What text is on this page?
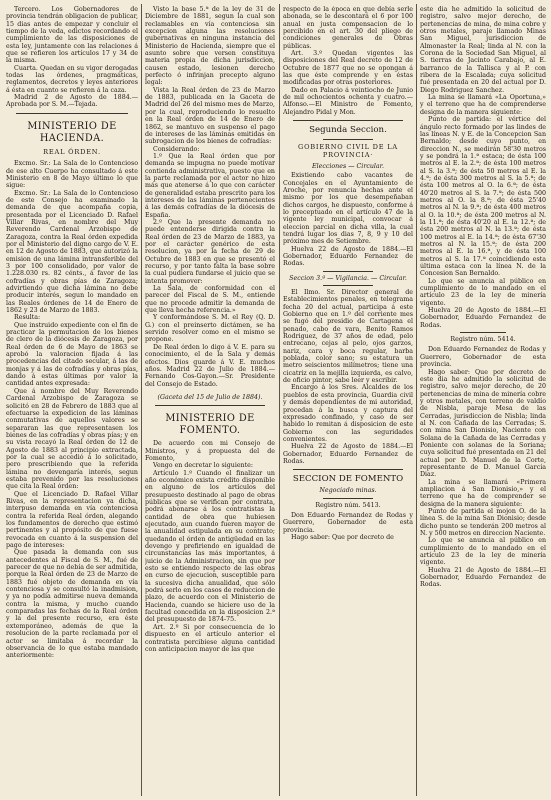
Tercero. Los Gobernadores de provincia tendrán obligacion de publicar, 15 dias antes de empezar y concluir el tiempo de la veda, edictos recordando el cumplimiento de las disposiciones de esta ley, juntamente con las relaciones á que se refieren los artículos 17 y 34 de la misma.

Cuarta. Quedan en su vigor derogadas todas las órdenes, pragmáticas, reglamentos, decretos y leyes anteriores á ésta en cuanto se refieren á la caza.

Madrid 2 de Agosto de 1884.—Aprobada por S. M.—Tejada.

MINISTERIO DE HACIENDA.

REAL ÓRDEN.

Excmo. Sr.: La Sala de lo Contencioso de ese alto Cuerpo ha consultado á este Ministerio en 8 de Mayo último lo que sigue:

Excmo. Sr.: La Sala de lo Contencioso de este Consejo ha examinado la demanda de que acompaña copia, presentada por el Licenciado D. Rafael Villar Rivas, en nombre del Muy Reverendo Cardenal Arzobispo de Zaragoza, contra la Real órden expedida por el Ministerio del digno cargo de V. E. en 12 de Agosto de 1883, que autorizó la emision de una lámina intransferible del 3 por 100 consolidado, por valor de 1.228.030 rs. 82 cénts., á favor de las cofradías y obras pías de Zaragoza; advirtiendo que dicha lámina no debe producir interés, segun lo mandado en las Reales órdenes de 14 de Enero de 1862 y 23 de Marzo de 1883.

Resulta:

Que instruido expediente con el fin de practicar la permutacion de los bienes de clero de la diócesis de Zaragoza, por Real órden de 6 de Mayo de 1863 se aprobó la valoracion fijada á las procedencias del citado secular, á las de monjas y á las de cofradías y obras pías, dando á estas últimas por valor la cantidad antes expresada:

Que á nombre del Muy Reverendo Cardenal Arzobispo de Zaragoza se solicitó en 28 de Febrero de 1883 que al efectuarse la expedicion de las láminas conmutativas de aquellos valores se separaran las que representasen los bienes de las cofradías y obras pías; y en su vista recayó la Real órden de 12 de Agosto de 1883 al principio extractada, por la cual se accedió á lo solicitado, pero prescribiendo que la referida lámina no devengaría interés, segun estaba prevenido por las resoluciones que cita la Real órden:

Que el Licenciado D. Rafael Villar Rivas, en la representacion ya dicha, interpuso demanda en vía contenciosa contra la referida Real órden, alegando los fundamentos de derecho que estimó pertinentes y al propósito de que fuese revocada en cuanto á la suspension del pago de intereses:

Que pasada la demanda con sus antecedentes al Fiscal de S. M., fué de parecer de que no debía de ser admitida, porque la Real órden de 23 de Marzo de 1883 fué objeto de demanda en vía contenciosa y se consultó la inadmision, y ya no podía admitirse nueva demanda contra la misma, y mucho cuando comparadas las fechas de la Real órden y la del presente recurso, era éste extemporáneo, además de que la resolucion de la parte reclamada por el actor se limitaba á recordar la observancia de lo que estaba mandado anteriormente:

Visto la base 5.ª de la ley de 31 de Diciembre de 1881, segun la cual son reclamables en vía contenciosa sin excepcion alguna las resoluciones gubernativas en ninguna instancia del Ministerio de Hacienda, siempre que el asunto sobre que versen constituya materia propia de dicha jurisdiccion, causen estado, lesionen derecho perfecto ó infrinjan precepto alguno legal:

Vista la Real órden de 23 de Marzo de 1883, publicada en la Gaceta de Madrid del 26 del mismo mes de Marzo, por la cual, reproduciendo lo resuelto en la Real órden de 14 de Enero de 1862, se mantuvo en suspenso el pago de intereses de las láminas emitidas en subrogacion de los bienes de cofradías:

Considerando:

1.º Que la Real órden que por demanda se impugna no puede motivar contienda administrativa, puesto que en la parte reclamada por el actor no hizo más que atenerse á lo que con carácter de generalidad estaba prescrito para los intereses de las láminas pertenecientes á las demás cofradías de la diócesis de España.

2.º Que la presente demanda no puede entenderse dirigida contra la Real órden de 23 de Marzo de 1883, ya por el carácter genérico de esta resolucion, ya por la fecha de 29 de Octubre de 1883 en que se presentó el recurso, y por tanto falta la base sobre la cual pudiera fundarse el juicio que se intenta promover:

La Sala, de conformidad con el parecer del Fiscal de S. M., entiende que no procede admitir la demanda de que lleva hecha referencia.»

Y conformándose S. M. el Rey (Q. D. G.) con el preinserto dictámen, se ha servido resolver como en el mismo se propone.

De Real órden lo digo á V. E. para su conocimiento, el de la Sala y demás efectos. Dios guarde á V. E. muchos años. Madrid 22 de Julio de 1884.—Fernando Cos-Gayon.—Sr. Presidente del Consejo de Estado.

(Gaceta del 15 de Julio de 1884).

MINISTERIO DE FOMENTO.

De acuerdo con mi Consejo de Ministros, y á propuesta del de Fomento,

Vengo en decretar lo siguiente:

Artículo 1.º Cuando el finalizar un año económico exista crédito disponible en alguno de los artículos del presupuesto destinado al pago de obras públicas que se verifican por contrata, podrá abonarse á los contratistas la cantidad de obra que hubiesen ejecutado, aun cuando fueren mayor de la anualidad estipulada en su contrato; quedando el órden de antigüedad en las devengo y prefiriendo en igualdad de circunstancias las más importantes, á juicio de la Administracion, sin que por esto se entiendo respecto de las obras en curso de ejecucion, susceptible para la sucesiva dicha anualidad, que sólo podrá serlo en los casos de reduccion de plazo, de acuerdo con el Ministerio de Hacienda, cuando se hiciere uso de la facultad concedida en la disposicion 2.ª del presupuesto de 1874-75.

Art. 2.º Si por consecuencia de lo dispuesto en el artículo anterior el contratista percibiese alguna cantidad con anticipacion mayor de las que

respecto de la época en que debía serle abonada, se le descontará el 6 por 100 anual en justa compensacion de lo percibido en el art. 30 del pliego de condiciones generales de Obras públicas.

Art. 3.º Quedan vigentes las disposiciones del Real decreto de 12 de Octubre de 1877 que no se opongan á las que éste comprende y en éstas modificadas por otras posteriores.

Dado en Palacio á veintiocho de Junio de mil ochocientos ochenta y cuatro.—Alfonso.—El Ministro de Fomento, Alejandro Pidal y Mon.

Segunda Seccion.

GOBIERNO CIVIL DE LA PROVINCIA·

Elecciones — Circular.

Existiendo cabo vacantes de Concejales en el Ayuntamiento de Aroche, por renuncia hechas ante el mismo por los que desempeñaban dichos cargos, he dispuesto, conforme á lo preceptuado en el artículo 47 de la vigente ley municipal, convocar á eleccion parcial en dicha villa, la cual tendrá lugar los dias 7, 8, 9 y 10 del próximo mes de Setiembre.

Huelva 22 de Agosto de 1884.—El Gobernador, Eduardo Fernandez de Rodas.

Seccion 3.ª — Vigilancia. — Circular.

El Ilmo. Sr. Director general de Establecimientos penales, en telegrama fecha 20 del actual, participa á este Gobierno que en 1.º del corriente mes se fugó del presidio de Cartagena el penado, cabo de vara, Benito Ramos Rodriguez, de 37 años de edad, pelo entrecano, cejas al pelo, ojos garzos, nariz, cara y boca regular, barba poblada, color sano; su estatura un metro seiscientos milímetros; tiene una cicatriz en la mejilla izquierda, es calvo, de oficio pintor, sabe leer y escribir.

Encargo á los Sres. Alcaldes de los pueblos de esta provincia, Guardia civil y demás dependientes de mi autoridad, procedan á la busca y captura del expresado confinado, y caso de ser habido lo remitan á disposicion de este Gobierno con las seguridades convenientes.

Huelva 22 de Agosto de 1884.—El Gobernador, Eduardo Fernandez de Rodas.

SECCION DE FOMENTO

Negociado minas.

Registro núm. 5413.

Don Eduardo Fernandez de Rodas y Guerrero, Gobernador de esta provincia.

Hago saber: Que por decreto de

este dia he admitido la solicitud de registro, salvo mejor derecho, de pertenencias de mina, de mina cobre y otros metales, paraje llamado Minas San Miguel, jurisdiccion de Almonaster la Real; linda al N. con la Corona de la Sociedad San Miguel, al S. tierras de Jacinto Carabajo, al E. barranco de la Tallisca y al P. con ribera de la Escalada; cuya solicitud fué presentada en 20 del actual por D. Diego Rodriguez Sanchez.

La mina se llamará «La Oportuna,» y el terreno que ha de comprenderse designa de la manera siguiente:

Punto de partida: el vértice del ángulo recto formado por las lindes de las líneas N. y E. de la Concepcion San Bernaldo; desde cuyo punto, en direccion N., se medirán 58'30 metros y se pondrá la 1.ª estaca; de ésta 100 metros al E. la 2.ª; de ésta 100 metros al S. la 3.ª; de ésta 50 metros al E. la 4.ª; de ésta 300 metros al S. la 5.ª; de ésta 100 metros al O. la 6.ª; de ésta 40'20 metros al S. la 7.ª; de ésta 500 metros al O. la 8.ª; de ésta 25'40 metros al N. la 9.ª; de ésta 400 metros al O. la 10.ª; de ésta 200 metros al N. la 11.ª; de ésta 40'20 al E. la 12.ª; de ésta 200 metros al N. la 13.ª; de ésta 100 metros al E. la 14.ª; de ésta 67'30 metros al N. la 15.ª; de ésta 200 metros al E. la 16.ª, y de ésta 100 metros al S. la 17.ª coincidiendo esta última estaca con la línea N. de la Concesion San Bernaldo.

Lo que se anuncia al público en cumplimiento de lo mandado en el artículo 23 de la ley de minería vigente.

Huelva 20 de Agosto de 1884.—El Gobernador, Eduardo Fernandez de Rodas.

Registro núm. 5414.

Don Eduardo Fernandez de Rodas y Guerrero, Gobernador de esta provincia.

Hago saber: Que por decreto de este dia he admitido la solicitud de registro, salvo mejor derecho, de 20 pertenencias de mina de minería cobre y otros metales, con terreno de valdío de Nisbla, paraje Mesa de las Cerradas, jurisdiccion de Nisbla; linda al N. con Cañada de las Cerradas; S. con mina San Dionisio, Naciente con Solana de la Cañada de las Cerradas y Poniente con solanas de la Soriana; cuya solicitud fué presentada en 21 del actual por D. Manuel de la Corte, representante de D. Manuel García Diaz.

La mina se llamará «Primera ampliacion á San Dionisio,» y el terreno que ha de comprender se designa de la manera siguiente:

Punto de partida el mojon O. de la línea S. de la mina San Dionisio; desde dicho punto se tenderán 200 metros al N. y 500 metros en direccion Naciente.

Lo que se anuncia al público en cumplimiento de lo mandado en el artículo 23 de la ley de minería vigente.

Huelva 21 de Agosto de 1884.—El Gobernador, Eduardo Fernandez de Rodas.
